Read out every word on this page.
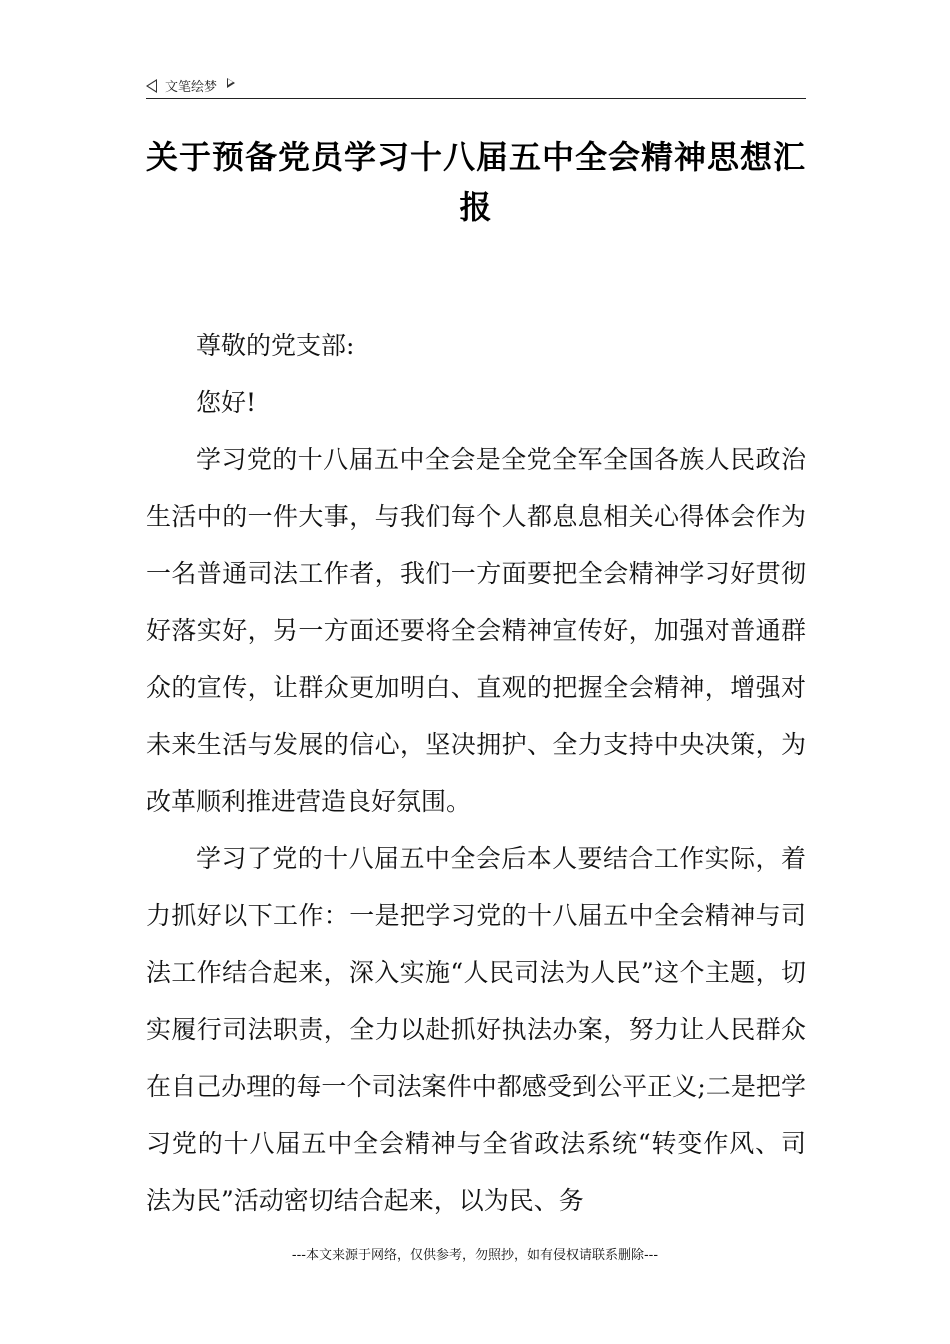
文笔绘梦
关于预备党员学习十八届五中全会精神思想汇报

尊敬的党支部:

您好!

学习党的十八届五中全会是全党全军全国各族人民政治生活中的一件大事，与我们每个人都息息相关心得体会作为一名普通司法工作者，我们一方面要把全会精神学习好贯彻好落实好，另一方面还要将全会精神宣传好，加强对普通群众的宣传，让群众更加明白、直观的把握全会精神，增强对未来生活与发展的信心，坚决拥护、全力支持中央决策，为改革顺利推进营造良好氛围。

学习了党的十八届五中全会后本人要结合工作实际，着力抓好以下工作：一是把学习党的十八届五中全会精神与司法工作结合起来，深入实施“人民司法为人民”这个主题，切实履行司法职责，全力以赴抓好执法办案，努力让人民群众在自己办理的每一个司法案件中都感受到公平正义;二是把学习党的十八届五中全会精神与全省政法系统“转变作风、司法为民”活动密切结合起来，以为民、务

---本文来源于网络，仅供参考，勿照抄，如有侵权请联系删除---
